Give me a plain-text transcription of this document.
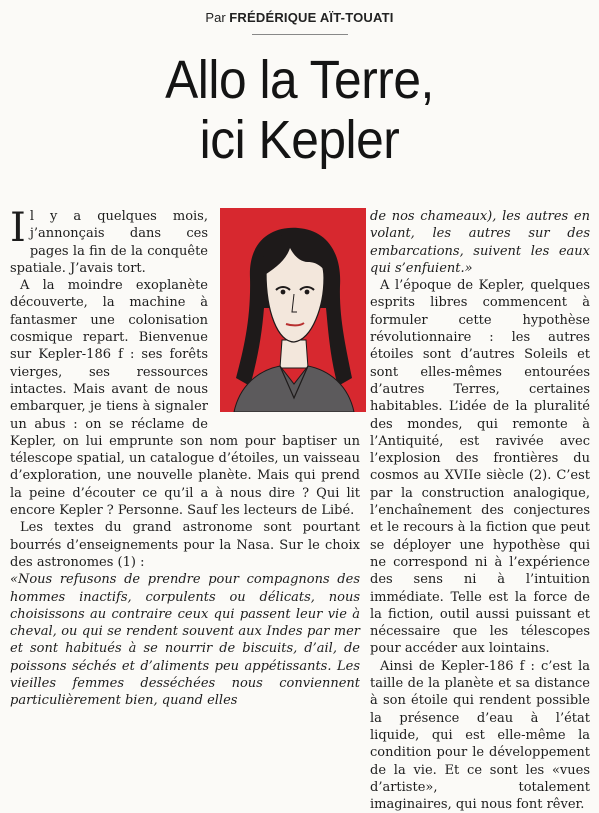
Par FRÉDÉRIQUE AÏT-TOUATI
Allo la Terre,
ici Kepler

Il y a quelques mois, j’annonçais dans ces pages la fin de la conquête spatiale. J’avais tort.

A la moindre exoplanète découverte, la machine à fantasmer une colonisation cosmique repart. Bienvenue sur Kepler-186 f : ses forêts vierges, ses ressources intactes. Mais avant de nous embarquer, je tiens à signaler un abus : on se réclame de Kepler, on lui emprunte son nom pour baptiser un télescope spatial, un catalogue d’étoiles, un vaisseau d’exploration, une nouvelle planète. Mais qui prend la peine d’écouter ce qu’il a à nous dire ? Qui lit encore Kepler ? Personne. Sauf les lecteurs de Libé.

Les textes du grand astronome sont pourtant bourrés d’enseignements pour la Nasa. Sur le choix des astronomes (1) :

«Nous refusons de prendre pour compagnons des hommes inactifs, corpulents ou délicats, nous choisissons au contraire ceux qui passent leur vie à cheval, ou qui se rendent souvent aux Indes par mer et sont habitués à se nourrir de biscuits, d’ail, de poissons séchés et d’aliments peu appétissants. Les vieilles femmes desséchées nous conviennent particulièrement bien, quand elles

de nos chameaux), les autres en volant, les autres sur des embarcations, suivent les eaux qui s’enfuient.»

A l’époque de Kepler, quelques esprits libres commencent à formuler cette hypothèse révolutionnaire : les autres étoiles sont d’autres Soleils et sont elles-mêmes entourées d’autres Terres, certaines habitables. L’idée de la pluralité des mondes, qui remonte à l’Antiquité, est ravivée avec l’explosion des frontières du cosmos au XVIIe siècle (2). C’est par la construction analogique, l’enchaînement des conjectures et le recours à la fiction que peut se déployer une hypothèse qui ne correspond ni à l’expérience des sens ni à l’intuition immédiate. Telle est la force de la fiction, outil aussi puissant et nécessaire que les télescopes pour accéder aux lointains.

Ainsi de Kepler-186 f : c’est la taille de la planète et sa distance à son étoile qui rendent possible la présence d’eau à l’état liquide, qui est elle-même la condition pour le développement de la vie. Et ce sont les «vues d’artiste», totalement imaginaires, qui nous font rêver.
